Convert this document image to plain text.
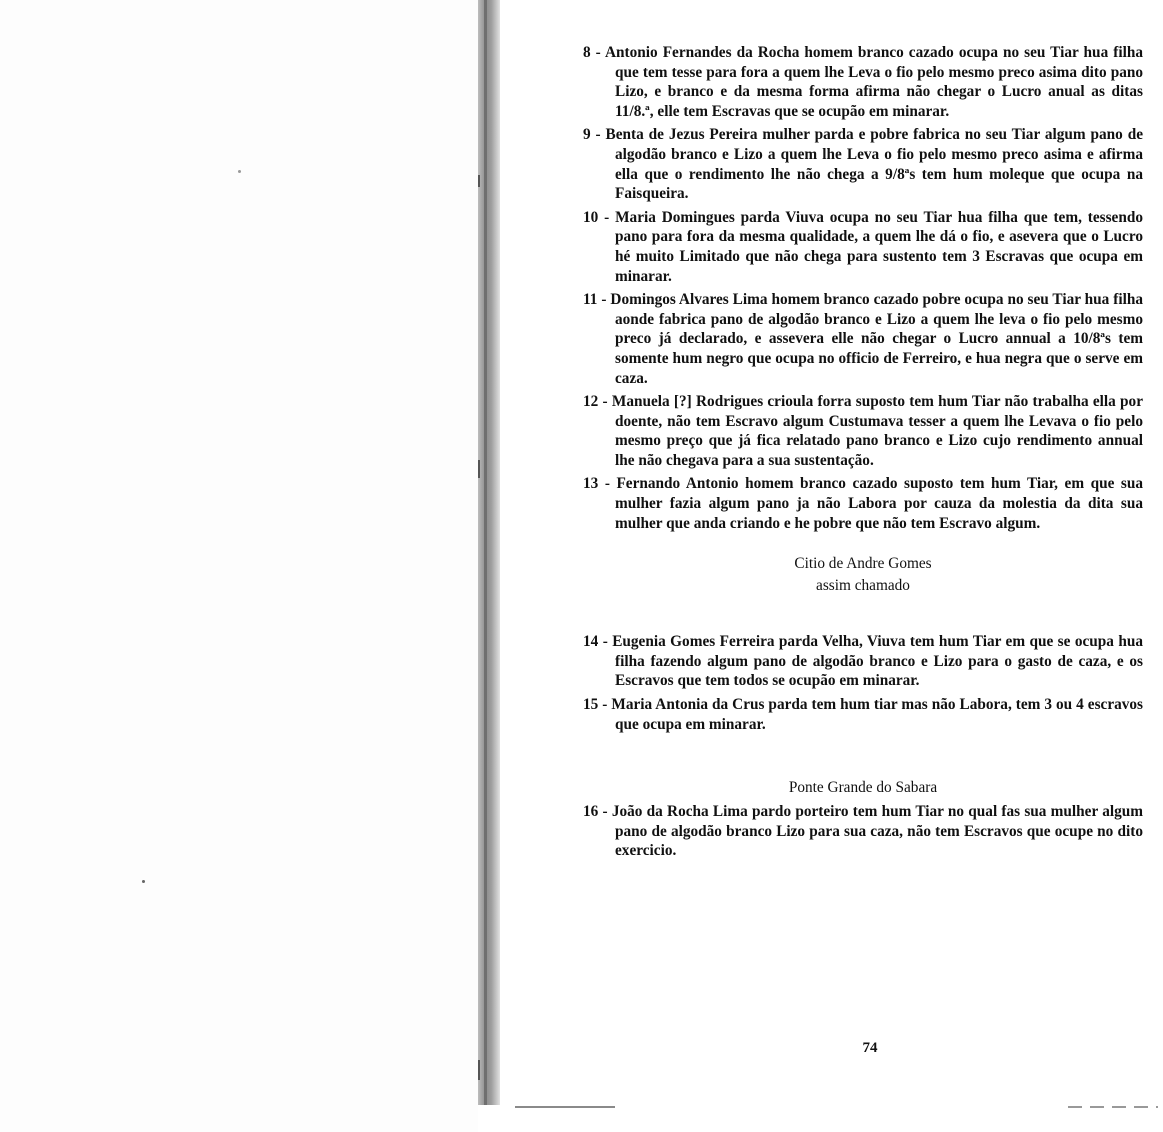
8 - Antonio Fernandes da Rocha homem branco cazado ocupa no seu Tiar hua filha que tem tesse para fora a quem lhe Leva o fio pelo mesmo preco asima dito pano Lizo, e branco e da mesma forma afirma não chegar o Lucro anual as ditas 11/8.ª, elle tem Escravas que se ocupão em minarar.

9 - Benta de Jezus Pereira mulher parda e pobre fabrica no seu Tiar algum pano de algodão branco e Lizo a quem lhe Leva o fio pelo mesmo preco asima e afirma ella que o rendimento lhe não chega a 9/8ªs tem hum moleque que ocupa na Faisqueira.

10 - Maria Domingues parda Viuva ocupa no seu Tiar hua filha que tem, tessendo pano para fora da mesma qualidade, a quem lhe dá o fio, e asevera que o Lucro hé muito Limitado que não chega para sustento tem 3 Escravas que ocupa em minarar.

11 - Domingos Alvares Lima homem branco cazado pobre ocupa no seu Tiar hua filha aonde fabrica pano de algodão branco e Lizo a quem lhe leva o fio pelo mesmo preco já declarado, e assevera elle não chegar o Lucro annual a 10/8ªs tem somente hum negro que ocupa no officio de Ferreiro, e hua negra que o serve em caza.

12 - Manuela [?] Rodrigues crioula forra suposto tem hum Tiar não trabalha ella por doente, não tem Escravo algum Custumava tesser a quem lhe Levava o fio pelo mesmo preço que já fica relatado pano branco e Lizo cujo rendimento annual lhe não chegava para a sua sustentação.

13 - Fernando Antonio homem branco cazado suposto tem hum Tiar, em que sua mulher fazia algum pano ja não Labora por cauza da molestia da dita sua mulher que anda criando e he pobre que não tem Escravo algum.

Citio de Andre Gomes
assim chamado

14 - Eugenia Gomes Ferreira parda Velha, Viuva tem hum Tiar em que se ocupa hua filha fazendo algum pano de algodão branco e Lizo para o gasto de caza, e os Escravos que tem todos se ocupão em minarar.

15 - Maria Antonia da Crus parda tem hum tiar mas não Labora, tem 3 ou 4 escravos que ocupa em minarar.

Ponte Grande do Sabara

16 - João da Rocha Lima pardo porteiro tem hum Tiar no qual fas sua mulher algum pano de algodão branco Lizo para sua caza, não tem Escravos que ocupe no dito exercicio.

74
